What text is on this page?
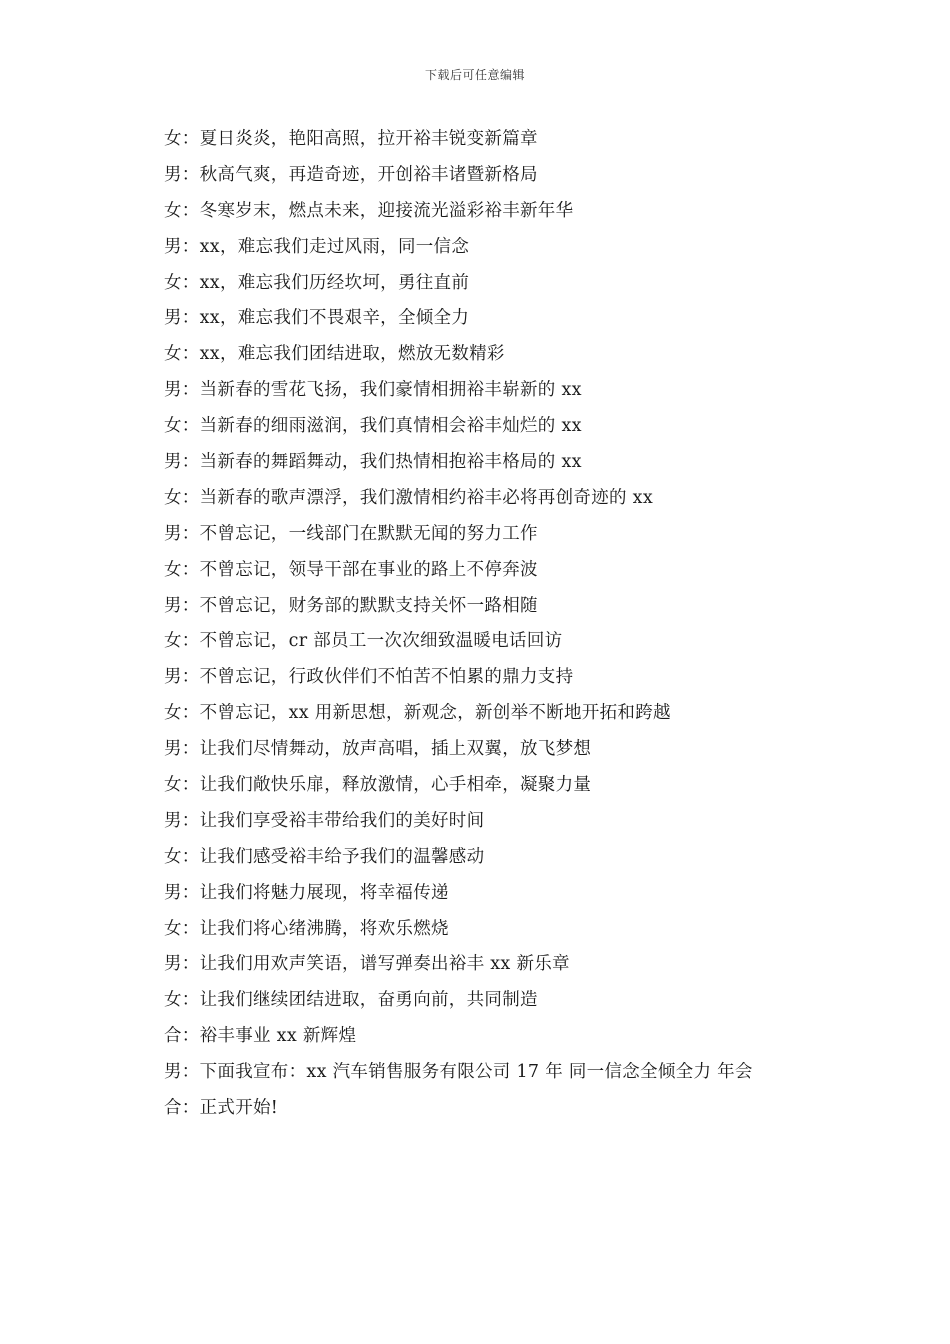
下载后可任意编辑
女：夏日炎炎，艳阳高照，拉开裕丰锐变新篇章
男：秋高气爽，再造奇迹，开创裕丰诸暨新格局
女：冬寒岁末，燃点未来，迎接流光溢彩裕丰新年华
男：xx，难忘我们走过风雨，同一信念
女：xx，难忘我们历经坎坷，勇往直前
男：xx，难忘我们不畏艰辛，全倾全力
女：xx，难忘我们团结进取，燃放无数精彩
男：当新春的雪花飞扬，我们豪情相拥裕丰崭新的 xx
女：当新春的细雨滋润，我们真情相会裕丰灿烂的 xx
男：当新春的舞蹈舞动，我们热情相抱裕丰格局的 xx
女：当新春的歌声漂浮，我们激情相约裕丰必将再创奇迹的 xx
男：不曾忘记，一线部门在默默无闻的努力工作
女：不曾忘记，领导干部在事业的路上不停奔波
男：不曾忘记，财务部的默默支持关怀一路相随
女：不曾忘记，cr 部员工一次次细致温暖电话回访
男：不曾忘记，行政伙伴们不怕苦不怕累的鼎力支持
女：不曾忘记，xx 用新思想，新观念，新创举不断地开拓和跨越
男：让我们尽情舞动，放声高唱，插上双翼，放飞梦想
女：让我们敞快乐扉，释放激情，心手相牵，凝聚力量
男：让我们享受裕丰带给我们的美好时间
女：让我们感受裕丰给予我们的温馨感动
男：让我们将魅力展现，将幸福传递
女：让我们将心绪沸腾，将欢乐燃烧
男：让我们用欢声笑语，谱写弹奏出裕丰 xx 新乐章
女：让我们继续团结进取，奋勇向前，共同制造
合：裕丰事业 xx 新辉煌
男：下面我宣布：xx 汽车销售服务有限公司 17 年 同一信念全倾全力 年会
合：正式开始!
